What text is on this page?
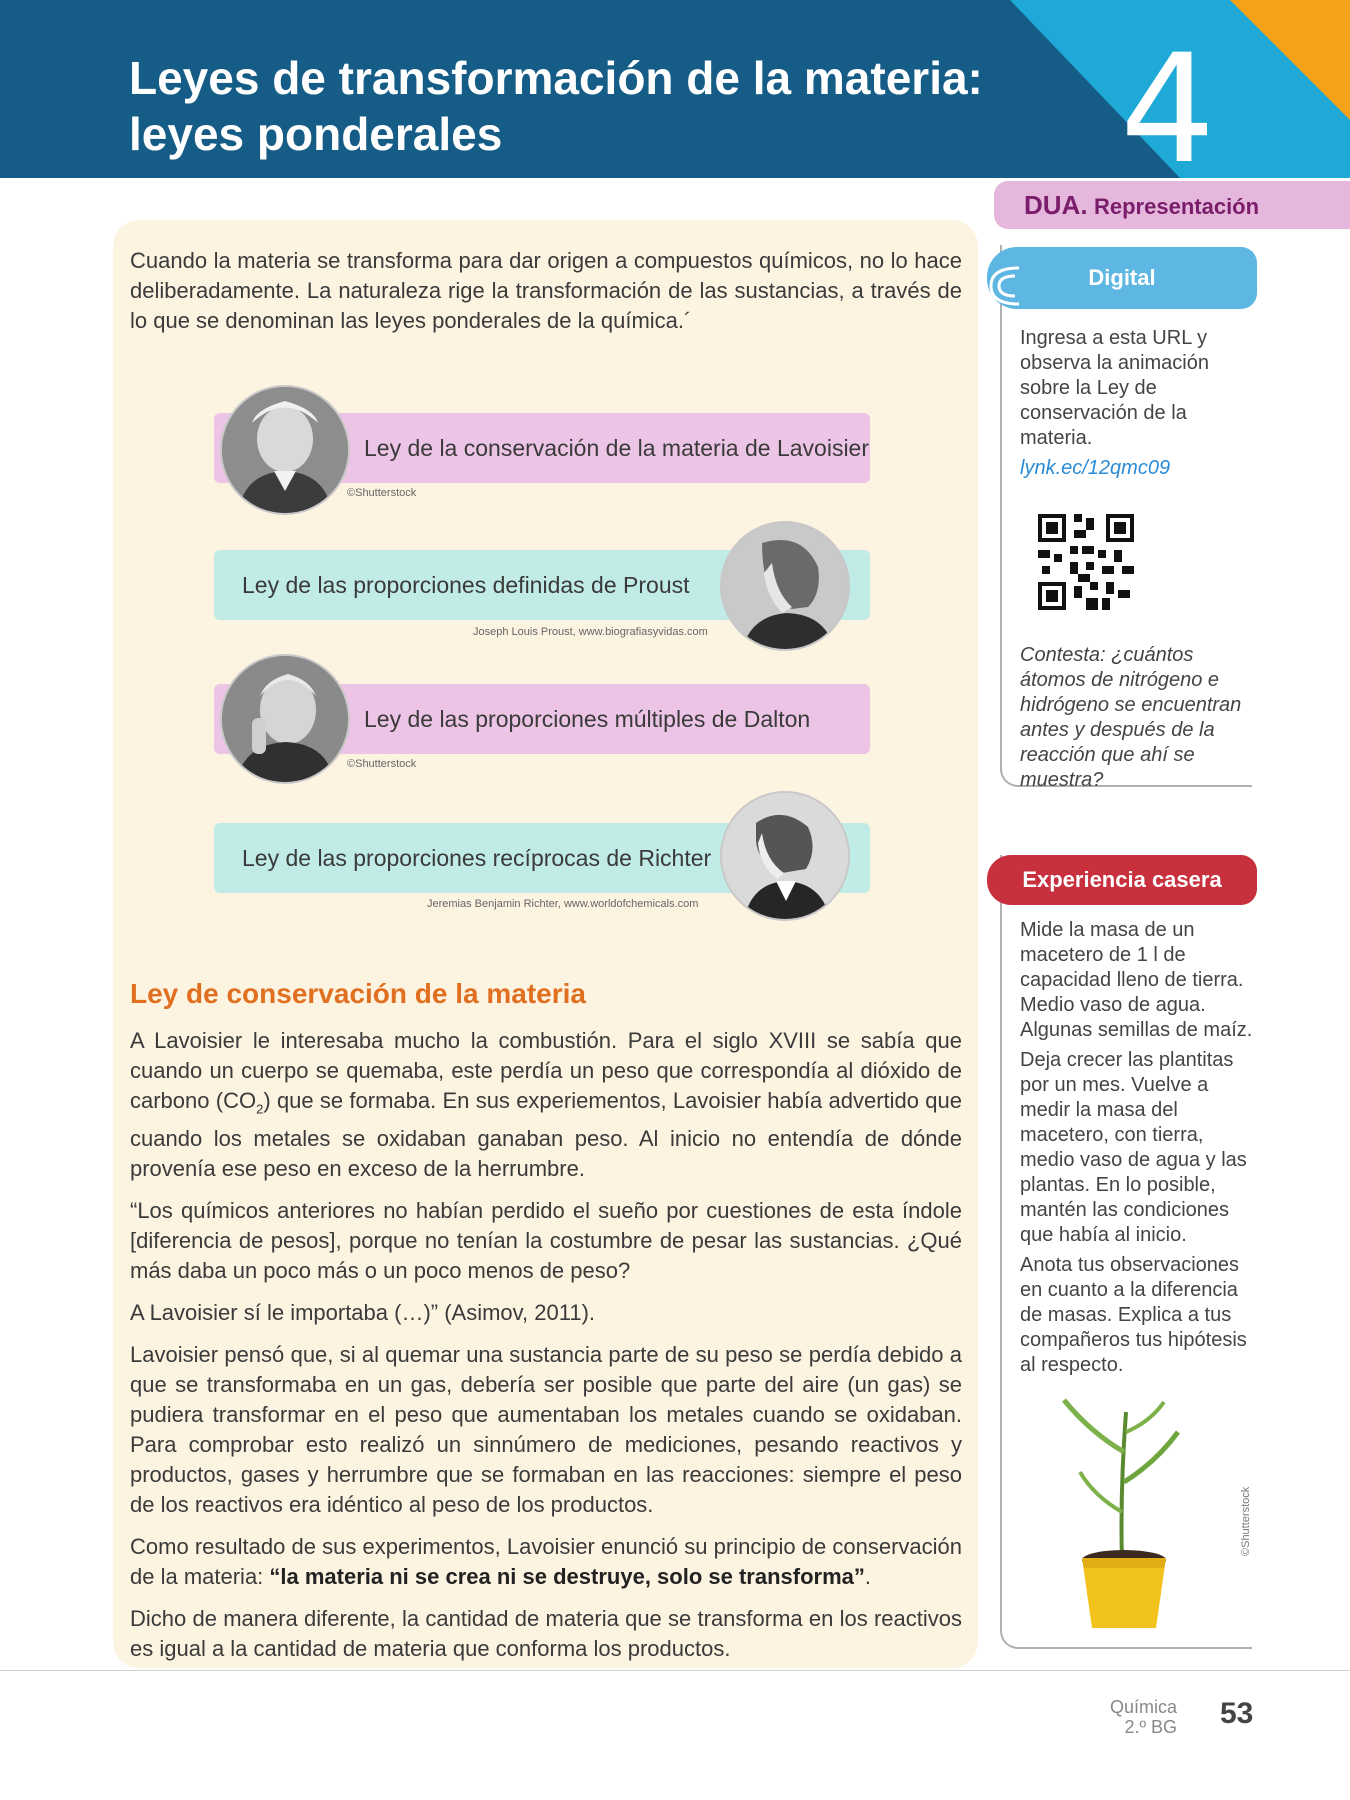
Leyes de transformación de la materia:
leyes ponderales	4
DUA. Representación
Cuando la materia se transforma para dar origen a compuestos químicos, no lo hace deliberadamente. La naturaleza rige la transformación de las sustancias, a través de lo que se denominan las leyes ponderales de la química.´
Ley de la conservación de la materia de Lavoisier
©Shutterstock
Ley de las proporciones definidas de Proust
Joseph Louis Proust, www.biografiasyvidas.com
Ley de las proporciones múltiples de Dalton
©Shutterstock
Ley de las proporciones recíprocas de Richter
Jeremias Benjamin Richter, www.worldofchemicals.com
Ley de conservación de la materia

A Lavoisier le interesaba mucho la combustión. Para el siglo XVIII se sabía que cuando un cuerpo se quemaba, este perdía un peso que correspondía al dióxido de carbono $(CO_2)$ que se formaba. En sus experiementos, Lavoisier había advertido que cuando los metales se oxidaban ganaban peso. Al inicio no entendía de dónde provenía ese peso en exceso de la herrumbre.

“Los químicos anteriores no habían perdido el sueño por cuestiones de esta índole [diferencia de pesos], porque no tenían la costumbre de pesar las sustancias. ¿Qué más daba un poco más o un poco menos de peso?

A Lavoisier sí le importaba (…)” (Asimov, 2011).

Lavoisier pensó que, si al quemar una sustancia parte de su peso se perdía debido a que se transformaba en un gas, debería ser posible que parte del aire (un gas) se pudiera transformar en el peso que aumentaban los metales cuando se oxidaban. Para comprobar esto realizó un sinnúmero de mediciones, pesando reactivos y productos, gases y herrumbre que se formaban en las reacciones: siempre el peso de los reactivos era idéntico al peso de los productos.

Como resultado de sus experimentos, Lavoisier enunció su principio de conservación de la materia: “la materia ni se crea ni se destruye, solo se transforma”.

Dicho de manera diferente, la cantidad de materia que se transforma en los reactivos es igual a la cantidad de materia que conforma los productos.

Digital
Ingresa a esta URL y observa la animación sobre la Ley de conservación de la materia.
lynk.ec/12qmc09
Contesta: ¿cuántos átomos de nitrógeno e hidrógeno se encuentran antes y después de la reacción que ahí se muestra?
Experiencia casera
Mide la masa de un macetero de 1 l de capacidad lleno de tierra. Medio vaso de agua. Algunas semillas de maíz.
Deja crecer las plantitas por un mes. Vuelve a medir la masa del macetero, con tierra, medio vaso de agua y las plantas. En lo posible, mantén las condiciones que había al inicio.
Anota tus observaciones en cuanto a la diferencia de masas. Explica a tus compañeros tus hipótesis al respecto.
©Shutterstock
Química
2.º BG 53
